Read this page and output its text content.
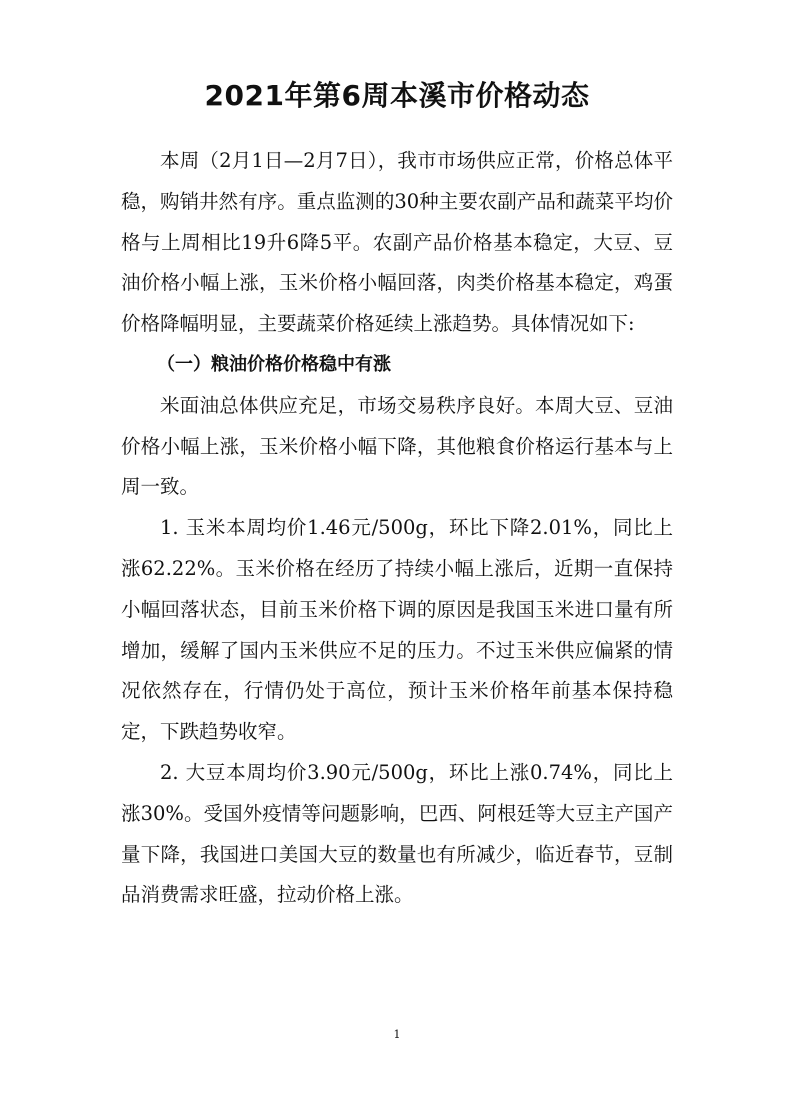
2021年第6周本溪市价格动态

本周（2月1日—2月7日），我市市场供应正常，价格总体平稳，购销井然有序。重点监测的30种主要农副产品和蔬菜平均价格与上周相比19升6降5平。农副产品价格基本稳定，大豆、豆油价格小幅上涨，玉米价格小幅回落，肉类价格基本稳定，鸡蛋价格降幅明显，主要蔬菜价格延续上涨趋势。具体情况如下:

（一）粮油价格价格稳中有涨

米面油总体供应充足，市场交易秩序良好。本周大豆、豆油价格小幅上涨，玉米价格小幅下降，其他粮食价格运行基本与上周一致。

1. 玉米本周均价1.46元/500g，环比下降2.01%，同比上涨62.22%。玉米价格在经历了持续小幅上涨后，近期一直保持小幅回落状态，目前玉米价格下调的原因是我国玉米进口量有所增加，缓解了国内玉米供应不足的压力。不过玉米供应偏紧的情况依然存在，行情仍处于高位，预计玉米价格年前基本保持稳定，下跌趋势收窄。

2. 大豆本周均价3.90元/500g，环比上涨0.74%，同比上涨30%。受国外疫情等问题影响，巴西、阿根廷等大豆主产国产量下降，我国进口美国大豆的数量也有所减少，临近春节，豆制品消费需求旺盛，拉动价格上涨。

1
